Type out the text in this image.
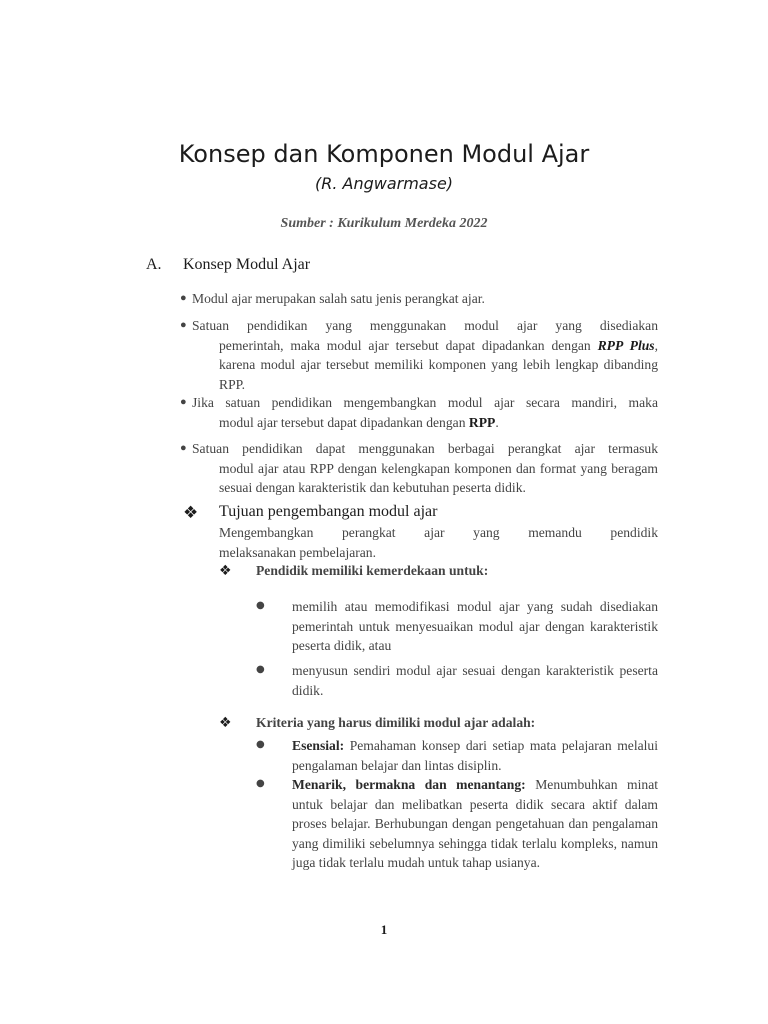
Konsep dan Komponen Modul Ajar
(R. Angwarmase)
Sumber : Kurikulum Merdeka 2022
A. Konsep Modul Ajar
● Modul ajar merupakan salah satu jenis perangkat ajar.
● Satuan pendidikan yang menggunakan modul ajar yang disediakan
pemerintah, maka modul ajar tersebut dapat dipadankan dengan RPP Plus, karena modul ajar tersebut memiliki komponen yang lebih lengkap dibanding RPP.
● Jika satuan pendidikan mengembangkan modul ajar secara mandiri, maka
modul ajar tersebut dapat dipadankan dengan RPP.
● Satuan pendidikan dapat menggunakan berbagai perangkat ajar termasuk
modul ajar atau RPP dengan kelengkapan komponen dan format yang beragam sesuai dengan karakteristik dan kebutuhan peserta didik.
❖ Tujuan pengembangan modul ajar
Mengembangkan perangkat ajar yang memandu pendidik
melaksanakan pembelajaran.
❖ Pendidik memiliki kemerdekaan untuk:
● memilih atau memodifikasi modul ajar yang sudah disediakan pemerintah untuk menyesuaikan modul ajar dengan karakteristik peserta didik, atau
● menyusun sendiri modul ajar sesuai dengan karakteristik peserta didik.
❖ Kriteria yang harus dimiliki modul ajar adalah:
● Esensial: Pemahaman konsep dari setiap mata pelajaran melalui pengalaman belajar dan lintas disiplin.
● Menarik, bermakna dan menantang: Menumbuhkan minat untuk belajar dan melibatkan peserta didik secara aktif dalam proses belajar. Berhubungan dengan pengetahuan dan pengalaman yang dimiliki sebelumnya sehingga tidak terlalu kompleks, namun juga tidak terlalu mudah untuk tahap usianya.
1
